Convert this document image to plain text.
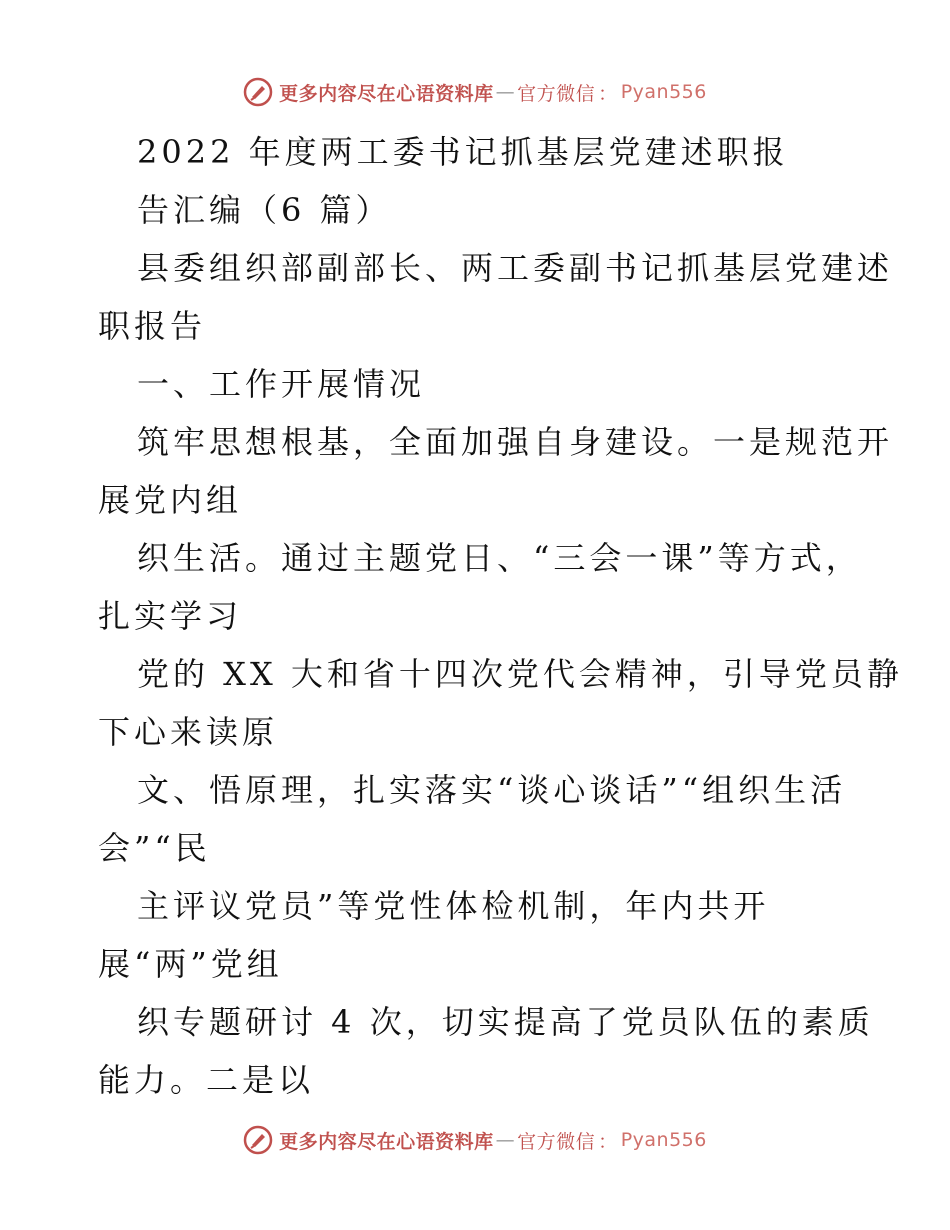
更多内容尽在心语资料库 — 官方微信 ： Pyan556
2022 年度两工委书记抓基层党建述职报
告汇编（6 篇）
县委组织部副部长、两工委副书记抓基层党建述
职报告
一、工作开展情况
筑牢思想根基，全面加强自身建设。一是规范开
展党内组
织生活。通过主题党日、“三会一课”等方式，
扎实学习
党的 XX 大和省十四次党代会精神，引导党员静
下心来读原
文、悟原理，扎实落实“谈心谈话”“组织生活
会”“民
主评议党员”等党性体检机制，年内共开
展“两”党组
织专题研讨 4 次，切实提高了党员队伍的素质
能力。二是以
更多内容尽在心语资料库 — 官方微信 ： Pyan556
